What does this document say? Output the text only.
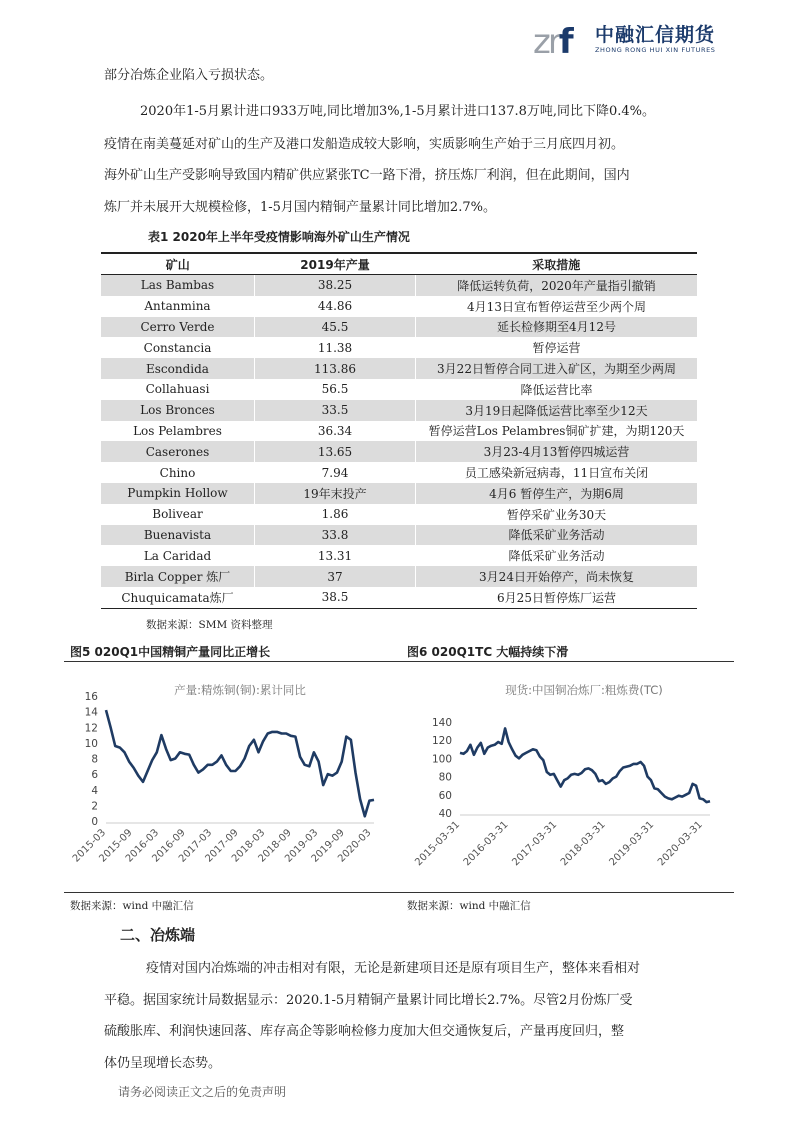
zrf 中融汇信期货
ZHONG RONG HUI XIN FUTURES
部分冶炼企业陷入亏损状态。
2020年1-5月累计进口933万吨,同比增加3%,1-5月累计进口137.8万吨,同比下降0.4%。
疫情在南美蔓延对矿山的生产及港口发船造成较大影响，实质影响生产始于三月底四月初。
海外矿山生产受影响导致国内精矿供应紧张TC一路下滑，挤压炼厂利润，但在此期间，国内
炼厂并未展开大规模检修，1-5月国内精铜产量累计同比增加2.7%。
表1 2020年上半年受疫情影响海外矿山生产情况
矿山	2019年产量	采取措施
Las Bambas	38.25	降低运转负荷，2020年产量指引撤销
Antanmina	44.86	4月13日宣布暂停运营至少两个周
Cerro Verde	45.5	延长检修期至4月12号
Constancia	11.38	暂停运营
Escondida	113.86	3月22日暂停合同工进入矿区，为期至少两周
Collahuasi	56.5	降低运营比率
Los Bronces	33.5	3月19日起降低运营比率至少12天
Los Pelambres	36.34	暂停运营Los Pelambres铜矿扩建，为期120天
Caserones	13.65	3月23-4月13暂停四城运营
Chino	7.94	员工感染新冠病毒，11日宣布关闭
Pumpkin Hollow	19年末投产	4月6 暂停生产，为期6周
Bolivear	1.86	暂停采矿业务30天
Buenavista	33.8	降低采矿业务活动
La Caridad	13.31	降低采矿业务活动
Birla Copper 炼厂	37	3月24日开始停产，尚未恢复
Chuquicamata炼厂	38.5	6月25日暂停炼厂运营
数据来源：SMM 资料整理
图5 020Q1中国精铜产量同比正增长	图6 020Q1TC 大幅持续下滑
产量:精炼铜(铜):累计同比
0
2
4
6
8
10
12
14
16
2015-03
2015-09
2016-03
2016-09
2017-03
2017-09
2018-03
2018-09
2019-03
2019-09
2020-03
现货:中国铜冶炼厂:粗炼费(TC)
40
60
80
100
120
140
2015-03-31 2016-03-31 2017-03-31 2018-03-31 2019-03-31 2020-03-31
数据来源：wind 中融汇信	数据来源：wind 中融汇信
二、冶炼端
疫情对国内冶炼端的冲击相对有限，无论是新建项目还是原有项目生产，整体来看相对
平稳。据国家统计局数据显示：2020.1-5月精铜产量累计同比增长2.7%。尽管2月份炼厂受
硫酸胀库、利润快速回落、库存高企等影响检修力度加大但交通恢复后，产量再度回归，整
体仍呈现增长态势。
请务必阅读正文之后的免责声明
